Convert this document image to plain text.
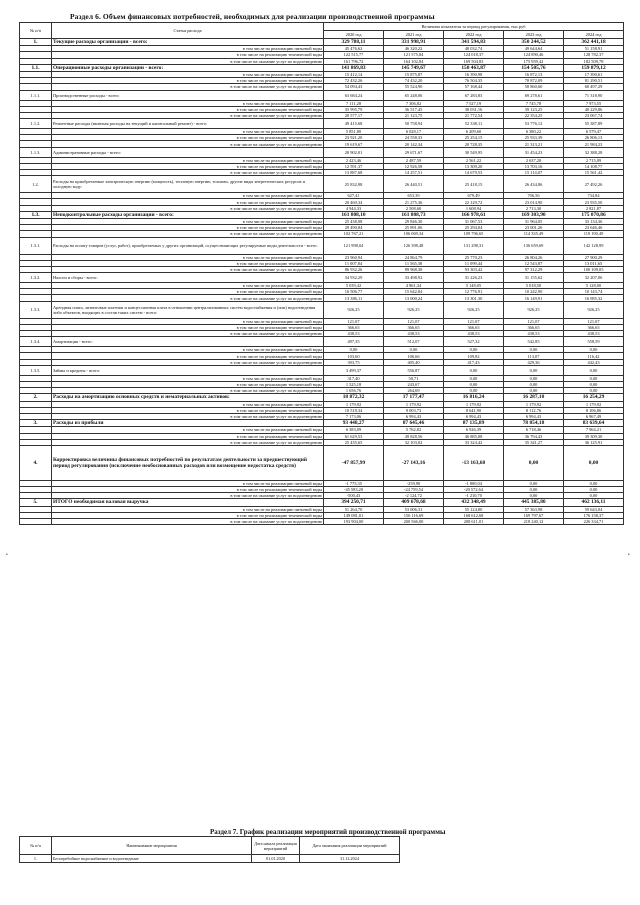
Раздел 6. Объем финансовых потребностей, необходимых для реализации производственной программы
№ п/п	Статья расхода	Величина показателя за период регулирования, тыс.руб				
		2020 год	2021 год	2022 год	2023 год	2024 год
1.	Текущие расходы организации - всего:	329 788,11	331 998,91	341 594,83	350 244,52	362 441,18
	в том числе на реализацию питьевой воды	45 476,62	46 320,22	48 032,74	49 644,64	51 158,91
	в том числе на реализацию технической воды	122 515,77	121 575,84	124 018,37	124 890,46	128 782,37
	в том числе на оказание услуг по водоотведению	161 796,72	164 102,84	169 504,83	175 959,42	182 509,78
1.1.	Операционные расходы организации - всего:	141 869,83	145 749,67	150 463,87	154 505,76	159 879,12
	в том числе на реализацию питьевой воды	15 412,14	15 875,87	16 390,98	16 872,13	17 390,61
	в том числе на реализацию технической воды	72 432,26	74 432,20	76 504,35	78 872,09	81 290,51
	в том числе на оказание услуг по водоотведению	54 094,43	55 524,90	57 168,44	58 860,60	60 497,29
1.1.1.	Производственные расходы - всего:	63 684,24	65 248,06	67 283,83	69 278,61	71 318,90
	в том числе на реализацию питьевой воды	7 111,28	7 306,82	7 527,19	7 745,78	7 973,55
	в том числе на реализацию технической воды	35 995,79	36 517,45	38 031,16	39 123,25	40 229,86
	в том числе на оказание услуг по водоотведению	20 577,17	21 123,75	21 772,54	22 354,25	23 067,74
1.1.2.	Ремонтные расходы (включая расходы на текущий и капитальный ремонт) - всего:	49 415,68	50 758,94	52 338,11	53 776,12	55 387,89
	в том числе на реализацию питьевой воды	5 851,80	6 028,17	6 209,60	6 380,22	6 579,47
	в том числе на реализацию технической воды	23 921,20	24 558,33	25 254,15	25 933,39	26 806,13
	в том числе на оказание услуг по водоотведению	19 619,67	20 142,34	20 728,35	21 313,21	21 984,23
1.1.3.	Административные расходы - всего:	28 902,01	29 671,67	30 549,95	31 454,23	32 388,28
	в том числе на реализацию питьевой воды	2 423,46	2 487,59	2 561,22	2 637,20	2 715,09
	в том числе на реализацию технической воды	12 591,37	12 926,58	13 309,20	13 703,16	14 108,77
	в том числе на оказание услуг по водоотведению	13 887,68	14 257,51	14 679,53	15 114,07	15 561,42
1.2.	Расходы на приобретаемые электрическую энергию (мощность), тепловую энергию, топливо, другие виды энергетических ресурсов и холодную воду:	25 832,98	26 440,51	25 418,15	26 434,86	27 492,26
	в том числе на реализацию питьевой воды	627,41	653,39	679,49	706,56	734,84
	в том числе на реализацию технической воды	20 460,34	21 275,36	22 129,72	23 014,90	23 935,50
	в том числе на оказание услуг по водоотведению	4 944,33	2 508,60	1 608,94	2 713,30	2 821,87
1.3.	Неподконтрольные расходы организации - всего:	161 808,10	161 808,73	166 978,61	169 303,90	175 070,86
	в том числе на реализацию питьевой воды	25 438,08	29 846,30	31 067,53	31 964,05	33 134,36
	в том числе на реализацию технической воды	29 490,84	25 891,06	25 294,04	23 001,26	23 646,46
	в том числе на оказание услуг по водоотведению	102 767,21	106 069,34	109 796,65	114 335,49	119 190,49
1.3.1.	Расходы на оплату товаров (услуг, работ), приобретаемых у других организаций, осуществляющих регулируемые виды деятельности - всего:	121 998,04	126 398,48	131 298,31	136 659,69	142 128,99
	в том числе на реализацию питьевой воды	23 960,94	24 864,79	25 770,23	26 804,26	27 900,29
	в том числе на реализацию технической воды	11 007,84	11 565,38	11 099,44	12 543,87	13 011,65
	в том числе на оказание услуг по водоотведению	86 932,26	89 968,38	93 303,42	97 312,29	100 109,05
1.3.2.	Налоги и сборы - всего:	34 932,29	33 498,92	31 226,23	31 155,62	32 207,06
	в том числе на реализацию питьевой воды	5 039,42	4 861,34	5 148,05	5 018,50	5 128,00
	в том числе на реализацию технической воды	16 506,77	15 642,84	12 776,91	10 242,90	10 143,74
	в том числе на оказание услуг по водоотведению	13 386,11	13 000,24	13 301,30	16 149,91	16 985,32
1.3.3.	Арендная плата, лизинговые платежи и концессионная плата в отношении централизованных систем водоснабжения и (или) водоотведения либо объектов, входящих в состав таких систем - всего:	926,25	926,25	926,25	926,25	926,25
	в том числе на реализацию питьевой воды	121,07	121,07	121,07	121,07	121,07
	в том числе на реализацию технической воды	366,65	366,65	366,65	366,65	366,65
	в том числе на оказание услуг по водоотведению	438,53	438,53	438,53	438,53	438,53
1.3.4.	Амортизация - всего:	497,35	512,07	527,32	542,85	558,59
	в том числе на реализацию питьевой воды	0,00	0,00	0,00	0,00	0,00
	в том числе на реализацию технической воды	103,60	106,66	109,82	113,07	116,42
	в том числе на оказание услуг по водоотведению	393,75	405,40	417,43	429,36	442,43
1.3.5.	Займы и кредиты - всего:	3 499,37	556,87	0,00	0,00	0,00
	в том числе на реализацию питьевой воды	317,40	50,71	0,00	0,00	0,00
	в том числе на реализацию технической воды	1 525,18	243,67	0,00	0,00	0,00
	в том числе на оказание услуг по водоотведению	1 656,76	264,69	0,00	0,00	0,00
2.	Расходы на амортизацию основных средств и нематериальных активов:	18 872,32	17 177,47	16 816,24	16 287,10	16 254,29
	в том числе на реализацию питьевой воды	1 179,92	1 179,92	1 179,92	1 179,92	1 179,92
	в том числе на реализацию технической воды	10 518,34	9 003,73	8 641,90	8 112,76	8 106,86
	в том числе на оказание услуг по водоотведению	7 173,06	6 994,43	6 994,43	6 994,43	6 967,49
3.	Расходы из прибыли	93 448,27	87 645,46	87 135,89	78 854,18	83 639,64
	в том числе на реализацию питьевой воды	6 383,09	5 762,82	6 926,39	6 718,46	7 964,21
	в том числе на реализацию технической воды	61 629,53	49 828,56	46 885,08	36 794,43	39 309,30
	в том числе на оказание услуг по водоотведению	25 435,65	32 103,02	33 324,42	35 341,27	36 125,91
4.	Корректировка величины финансовых потребностей по результатам деятельности за предшествующий период регулирования (исключение необоснованных расходов или возмещение недостатка средств)	-47 857,99	-27 143,16	-13 163,68	0,00	0,00
	в том числе на реализацию питьевой воды	-1 775,35	-259,90	-1 800,04	0,00	0,00
	в том числе на реализацию технической воды	-45 583,20	-24 759,54	-20 572,64	0,00	0,00
	в том числе на оказание услуг по водоотведению	-500,43	-2 124,72	-1 210,70	0,00	0,00
5.	ИТОГО необходимая валовая выручка	394 250,71	409 678,68	432 348,49	445 385,80	462 136,11
	в том числе на реализацию питьевой воды	51 264,70	53 006,31	55 124,80	57 363,98	59 643,04
	в том числе на реализацию технической воды	149 081,01	156 116,69	168 612,68	169 797,67	176 158,37
	в том числе на оказание услуг по водоотведению	193 904,00	200 566,00	208 611,01	218 240,12	226 334,71
Раздел 7. График реализации мероприятий производственной программы
№ п/п	Наименование мероприятия	Дата начала реализации мероприятий	Дата окончания реализации мероприятий
1.	Бесперебойное водоснабжение и водоотведение	01.01.2020	31.12.2024
•	•
